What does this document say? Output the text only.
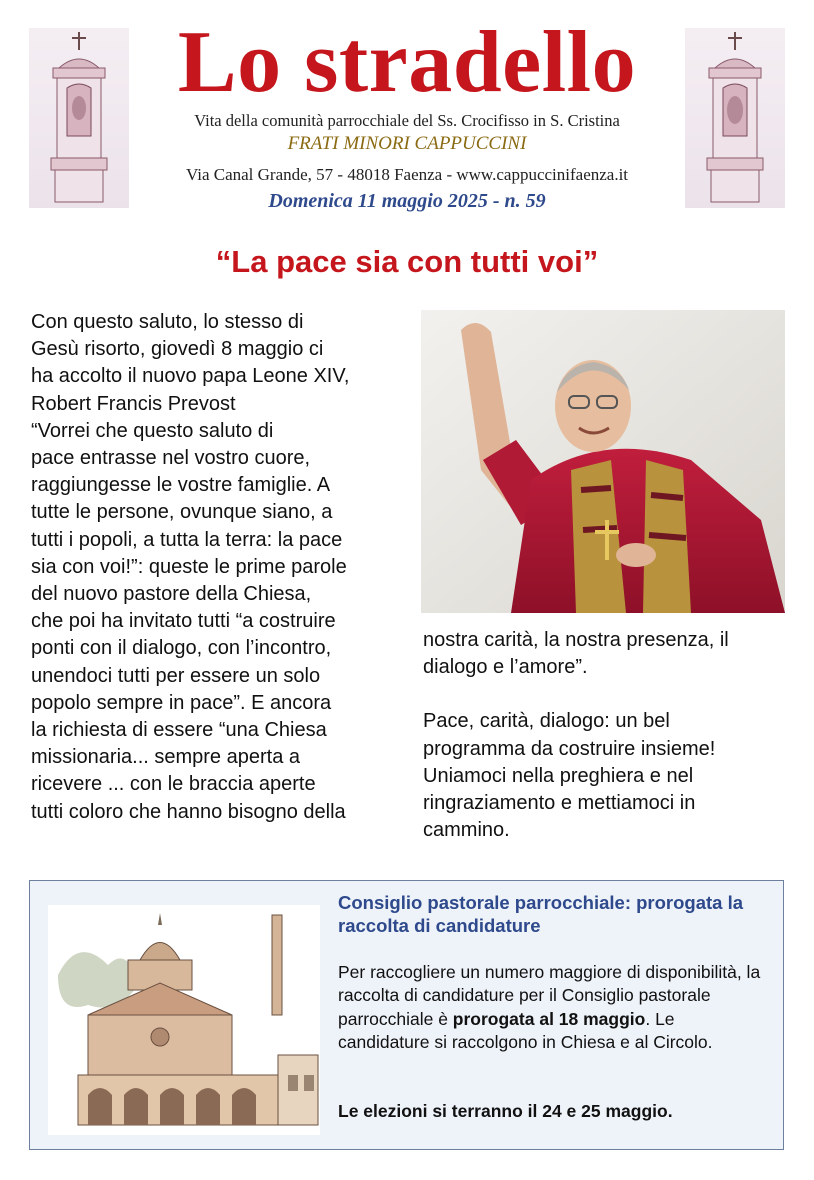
Lo stradello
Vita della comunità parrocchiale del Ss. Crocifisso in S. Cristina
FRATI MINORI CAPPUCCINI
Via Canal Grande, 57 - 48018 Faenza - www.cappuccinifaenza.it
Domenica 11 maggio 2025 - n. 59
“La pace sia con tutti voi”

Con questo saluto, lo stesso di

Gesù risorto, giovedì 8 maggio ci

ha accolto il nuovo papa Leone XIV,

Robert Francis Prevost

“Vorrei che questo saluto di

pace entrasse nel vostro cuore,

raggiungesse le vostre famiglie. A

tutte le persone, ovunque siano, a

tutti i popoli, a tutta la terra: la pace

sia con voi!”: queste le prime parole

del nuovo pastore della Chiesa,

che poi ha invitato tutti “a costruire

ponti con il dialogo, con l’incontro,

unendoci tutti per essere un solo

popolo sempre in pace”. E ancora

la richiesta di essere “una Chiesa

missionaria... sempre aperta a

ricevere ... con le braccia aperte

tutti coloro che hanno bisogno della

nostra carità, la nostra presenza, il

dialogo e l’amore”.

Pace, carità, dialogo: un bel

programma da costruire insieme!

Uniamoci nella preghiera e nel

ringraziamento e mettiamoci in

cammino.

Consiglio pastorale parrocchiale: prorogata la raccolta di candidature

Per raccogliere un numero maggiore di disponibilità, la raccolta di candidature per il Consiglio pastorale parrocchiale è prorogata al 18 maggio. Le candidature si raccolgono in Chiesa e al Circolo.

Le elezioni si terranno il 24 e 25 maggio.
